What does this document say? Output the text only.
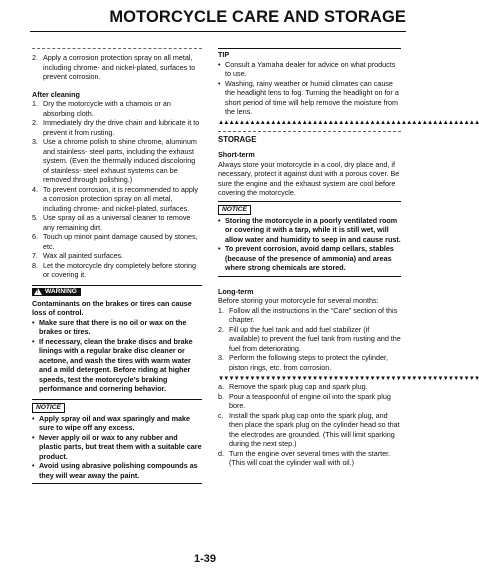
MOTORCYCLE CARE AND STORAGE
2. Apply a corrosion protection spray on all metal, including chrome- and nickel-plated, surfaces to prevent corrosion.
After cleaning
1. Dry the motorcycle with a chamois or an absorbing cloth.
2. Immediately dry the drive chain and lubricate it to prevent it from rusting.
3. Use a chrome polish to shine chrome, aluminum and stainless- steel parts, including the exhaust system. (Even the thermally induced discoloring of stainless- steel exhaust systems can be removed through polishing.)
4. To prevent corrosion, it is recommended to apply a corrosion protection spray on all metal, including chrome- and nickel-plated, surfaces.
5. Use spray oil as a universal cleaner to remove any remaining dirt.
6. Touch up minor paint damage caused by stones, etc.
7. Wax all painted surfaces.
8. Let the motorcycle dry completely before storing or covering it.
!
WARNING
Contaminants on the brakes or tires can cause loss of control.
• Make sure that there is no oil or wax on the brakes or tires.
• If necessary, clean the brake discs and brake linings with a regular brake disc cleaner or acetone, and wash the tires with warm water and a mild detergent. Before riding at higher speeds, test the motorcycle’s braking performance and cornering behavior.
NOTICE
• Apply spray oil and wax sparingly and make sure to wipe off any excess.
• Never apply oil or wax to any rubber and plastic parts, but treat them with a suitable care product.
• Avoid using abrasive polishing compounds as they will wear away the paint.
TIP
• Consult a Yamaha dealer for advice on what products to use.
• Washing, rainy weather or humid climates can cause the headlight lens to fog. Turning the headlight on for a short period of time will help remove the moisture from the lens.
▲▲▲▲▲▲▲▲▲▲▲▲▲▲▲▲▲▲▲▲▲▲▲▲▲▲▲▲▲▲▲▲▲▲▲▲▲▲▲▲▲▲▲▲▲▲▲▲▲▲
STORAGE
Short-term
Always store your motorcycle in a cool, dry place and, if necessary, protect it against dust with a porous cover. Be sure the engine and the exhaust system are cool before covering the motorcycle.
NOTICE
• Storing the motorcycle in a poorly ventilated room or covering it with a tarp, while it is still wet, will allow water and humidity to seep in and cause rust.
• To prevent corrosion, avoid damp cellars, stables (because of the presence of ammonia) and areas where strong chemicals are stored.
Long-term
Before storing your motorcycle for several months:
1. Follow all the instructions in the “Care” section of this chapter.
2. Fill up the fuel tank and add fuel stabilizer (if available) to prevent the fuel tank from rusting and the fuel from deteriorating.
3. Perform the following steps to protect the cylinder, piston rings, etc. from corrosion.
▼▼▼▼▼▼▼▼▼▼▼▼▼▼▼▼▼▼▼▼▼▼▼▼▼▼▼▼▼▼▼▼▼▼▼▼▼▼▼▼▼▼▼▼▼▼▼▼▼▼
a. Remove the spark plug cap and spark plug.
b. Pour a teaspoonful of engine oil into the spark plug bore.
c. Install the spark plug cap onto the spark plug, and then place the spark plug on the cylinder head so that the electrodes are grounded. (This will limit sparking during the next step.)
d. Turn the engine over several times with the starter. (This will coat the cylinder wall with oil.)
1-39
